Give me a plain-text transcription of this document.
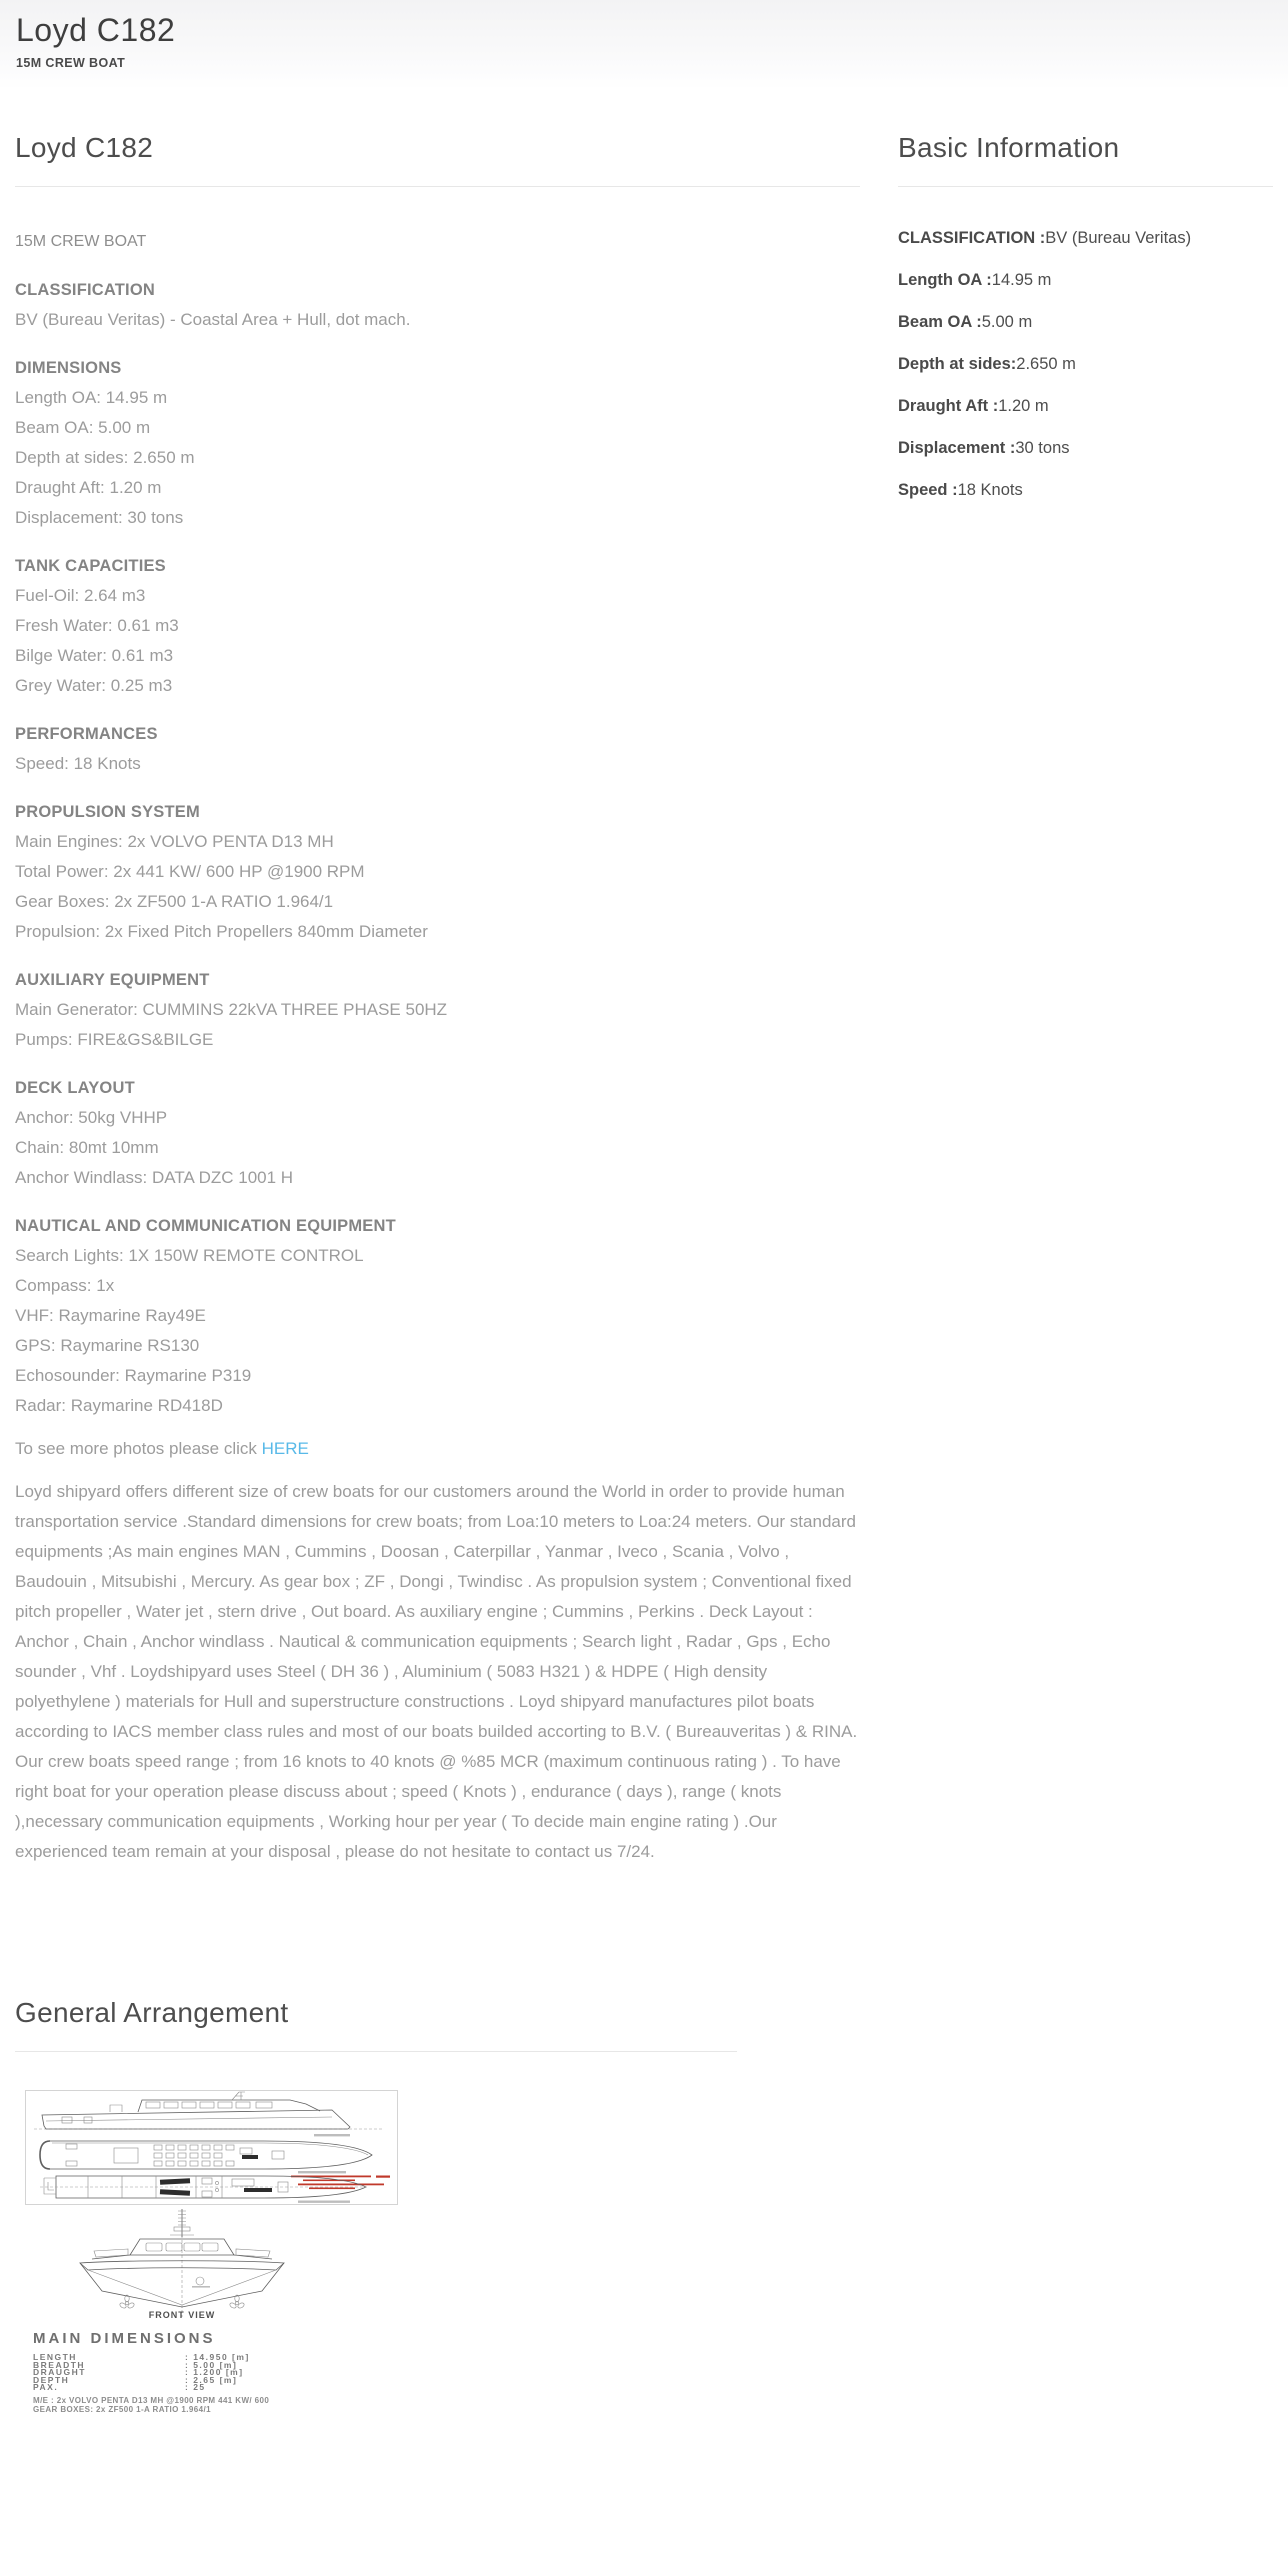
Loyd C182
15M CREW BOAT
Loyd C182

15M CREW BOAT

CLASSIFICATION

BV (Bureau Veritas) - Coastal Area + Hull, dot mach.

DIMENSIONS

Length OA: 14.95 m

Beam OA: 5.00 m

Depth at sides: 2.650 m

Draught Aft: 1.20 m

Displacement: 30 tons

TANK CAPACITIES

Fuel-Oil: 2.64 m3

Fresh Water: 0.61 m3

Bilge Water: 0.61 m3

Grey Water: 0.25 m3

PERFORMANCES

Speed: 18 Knots

PROPULSION SYSTEM

Main Engines: 2x VOLVO PENTA D13 MH

Total Power: 2x 441 KW/ 600 HP @1900 RPM

Gear Boxes: 2x ZF500 1-A RATIO 1.964/1

Propulsion: 2x Fixed Pitch Propellers 840mm Diameter

AUXILIARY EQUIPMENT

Main Generator: CUMMINS 22kVA THREE PHASE 50HZ

Pumps: FIRE&GS&BILGE

DECK LAYOUT

Anchor: 50kg VHHP

Chain: 80mt 10mm

Anchor Windlass: DATA DZC 1001 H

NAUTICAL AND COMMUNICATION EQUIPMENT

Search Lights: 1X 150W REMOTE CONTROL

Compass: 1x

VHF: Raymarine Ray49E

GPS: Raymarine RS130

Echosounder: Raymarine P319

Radar: Raymarine RD418D

To see more photos please click HERE

Loyd shipyard offers different size of crew boats for our customers around the World in order to provide human transportation service .Standard dimensions for crew boats; from Loa:10 meters to Loa:24 meters. Our standard equipments ;As main engines MAN , Cummins , Doosan , Caterpillar , Yanmar , Iveco , Scania , Volvo , Baudouin , Mitsubishi , Mercury. As gear box ; ZF , Dongi , Twindisc . As propulsion system ; Conventional fixed pitch propeller , Water jet , stern drive , Out board. As auxiliary engine ; Cummins , Perkins . Deck Layout : Anchor , Chain , Anchor windlass . Nautical & communication equipments ; Search light , Radar , Gps , Echo sounder , Vhf . Loydshipyard uses Steel ( DH 36 ) , Aluminium ( 5083 H321 ) & HDPE ( High density polyethylene ) materials for Hull and superstructure constructions . Loyd shipyard manufactures pilot boats according to IACS member class rules and most of our boats builded accorting to B.V. ( Bureauveritas ) & RINA. Our crew boats speed range ; from 16 knots to 40 knots @ %85 MCR (maximum continuous rating ) . To have right boat for your operation please discuss about ; speed ( Knots ) , endurance ( days ), range ( knots ),necessary communication equipments , Working hour per year ( To decide main engine rating ) .Our experienced team remain at your disposal , please do not hesitate to contact us 7/24.

Basic Information

CLASSIFICATION :BV (Bureau Veritas)

Length OA :14.95 m

Beam OA :5.00 m

Depth at sides:2.650 m

Draught Aft :1.20 m

Displacement :30 tons

Speed :18 Knots

General Arrangement
FRONT VIEW
MAIN DIMENSIONS
LENGTH	: 14.950 [m]
BREADTH	: 5.00 [m]
DRAUGHT	: 1.200 [m]
DEPTH	: 2.65 [m]
PAX.	: 25
M/E : 2x VOLVO PENTA D13 MH @1900 RPM 441 KW/ 600
GEAR BOXES: 2x ZF500 1-A RATIO 1.964/1
